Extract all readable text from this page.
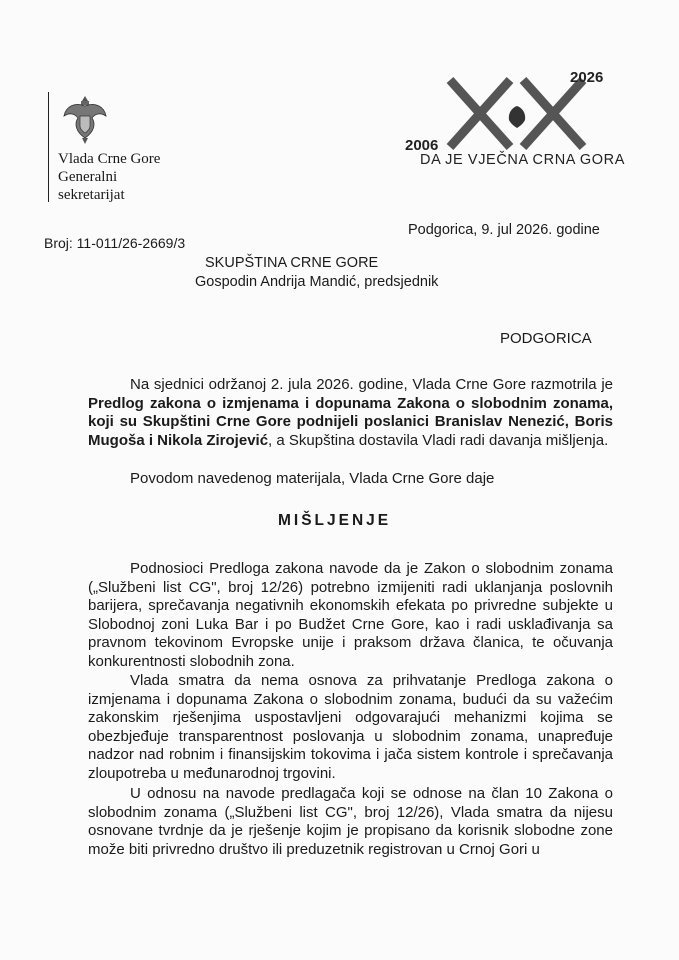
Vlada Crne Gore
Generalni
sekretarijat
2006
2026
DA JE VJEČNA CRNA GORA
Broj: 11-011/26-2669/3
Podgorica, 9. jul 2026. godine
SKUPŠTINA CRNE GORE
Gospodin Andrija Mandić, predsjednik
PODGORICA
Na sjednici održanoj 2. jula 2026. godine, Vlada Crne Gore razmotrila je Predlog zakona o izmjenama i dopunama Zakona o slobodnim zonama, koji su Skupštini Crne Gore podnijeli poslanici Branislav Nenezić, Boris Mugoša i Nikola Zirojević, a Skupština dostavila Vladi radi davanja mišljenja.
Povodom navedenog materijala, Vlada Crne Gore daje
MIŠLJENJE
Podnosioci Predloga zakona navode da je Zakon o slobodnim zonama („Službeni list CG", broj 12/26) potrebno izmijeniti radi uklanjanja poslovnih barijera, sprečavanja negativnih ekonomskih efekata po privredne subjekte u Slobodnoj zoni Luka Bar i po Budžet Crne Gore, kao i radi usklađivanja sa pravnom tekovinom Evropske unije i praksom država članica, te očuvanja konkurentnosti slobodnih zona.
Vlada smatra da nema osnova za prihvatanje Predloga zakona o izmjenama i dopunama Zakona o slobodnim zonama, budući da su važećim zakonskim rješenjima uspostavljeni odgovarajući mehanizmi kojima se obezbjeđuje transparentnost poslovanja u slobodnim zonama, unapređuje nadzor nad robnim i finansijskim tokovima i jača sistem kontrole i sprečavanja zloupotreba u međunarodnoj trgovini.
U odnosu na navode predlagača koji se odnose na član 10 Zakona o slobodnim zonama („Službeni list CG", broj 12/26), Vlada smatra da nijesu osnovane tvrdnje da je rješenje kojim je propisano da korisnik slobodne zone može biti privredno društvo ili preduzetnik registrovan u Crnoj Gori u
